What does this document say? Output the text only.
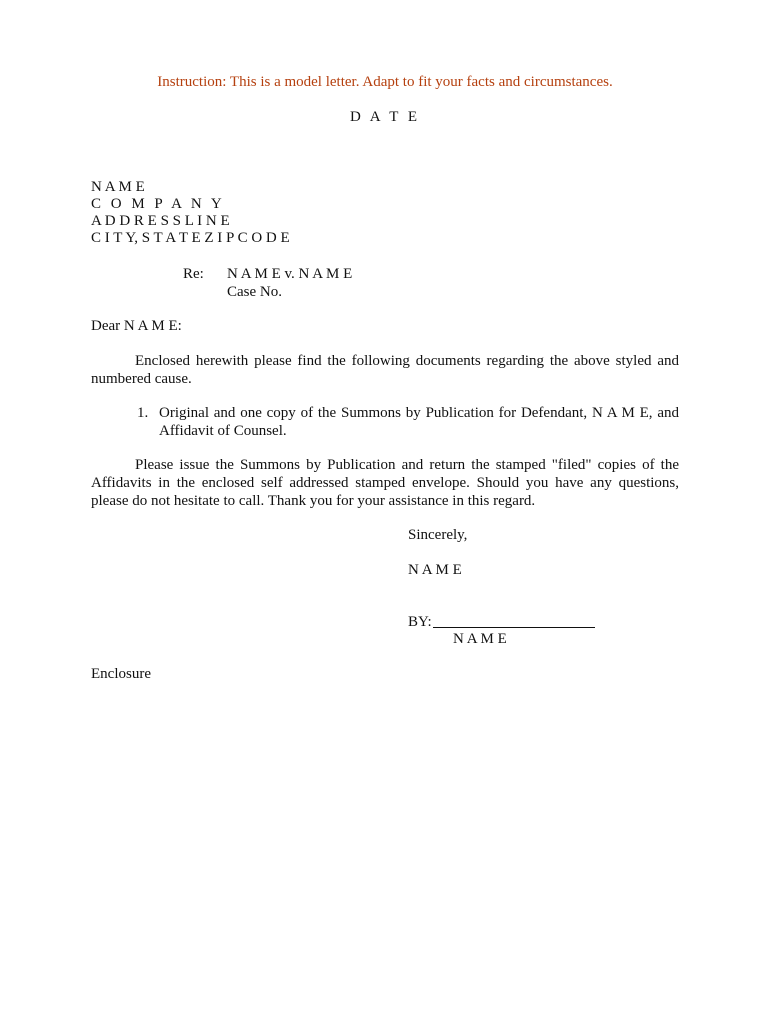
Instruction: This is a model letter. Adapt to fit your facts and circumstances.
D A T E
N A M E
C O M P A N Y
A D D R E S S L I N E
C I T Y, S T A T E Z I P C O D E
Re: N A M E v. N A M E
Case No.
Dear N A M E:
Enclosed herewith please find the following documents regarding the above styled and numbered cause.
1. Original and one copy of the Summons by Publication for Defendant, N A M E, and Affidavit of Counsel.
Please issue the Summons by Publication and return the stamped "filed" copies of the Affidavits in the enclosed self addressed stamped envelope. Should you have any questions, please do not hesitate to call. Thank you for your assistance in this regard.
Sincerely,
N A M E
BY:
N A M E
Enclosure
